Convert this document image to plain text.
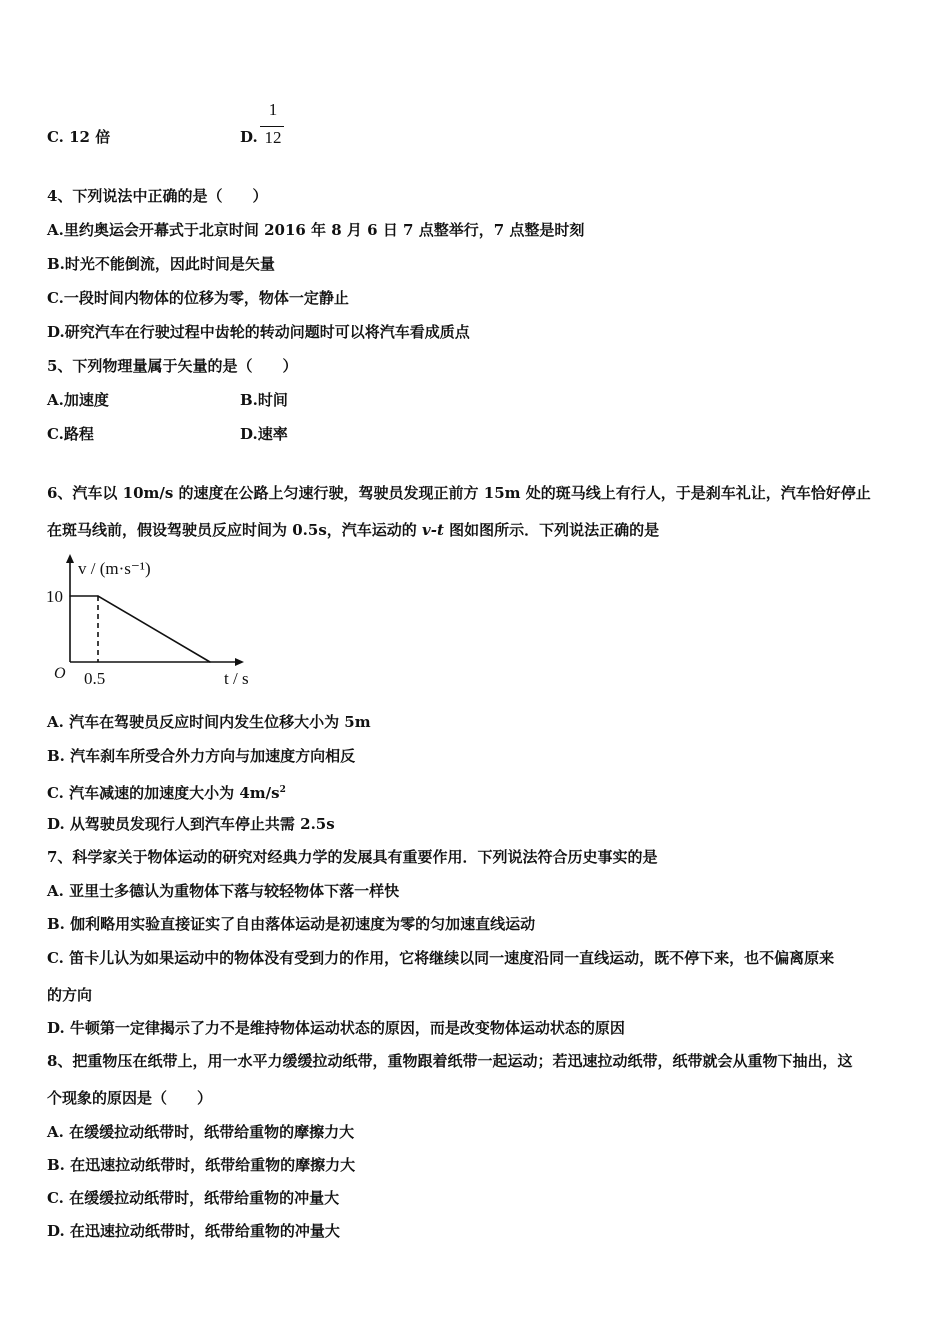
C. 12 倍	D.
1
12
4、下列说法中正确的是（　　）
A.里约奥运会开幕式于北京时间 2016 年 8 月 6 日 7 点整举行，7 点整是时刻
B.时光不能倒流，因此时间是矢量
C.一段时间内物体的位移为零，物体一定静止
D.研究汽车在行驶过程中齿轮的转动问题时可以将汽车看成质点
5、下列物理量属于矢量的是（　　）
A.加速度	B.时间
C.路程	D.速率
6、汽车以 10m/s 的速度在公路上匀速行驶，驾驶员发现正前方 15m 处的斑马线上有行人，于是刹车礼让，汽车恰好停止
在斑马线前，假设驾驶员反应时间为 0.5s，汽车运动的 v-t 图如图所示．下列说法正确的是
10
0.5
O
v / (m·s⁻¹)
t / s
A. 汽车在驾驶员反应时间内发生位移大小为 5m
B. 汽车刹车所受合外力方向与加速度方向相反
C. 汽车减速的加速度大小为 $4m/s^2$
D. 从驾驶员发现行人到汽车停止共需 2.5s
7、科学家关于物体运动的研究对经典力学的发展具有重要作用．下列说法符合历史事实的是
A. 亚里士多德认为重物体下落与较轻物体下落一样快
B. 伽利略用实验直接证实了自由落体运动是初速度为零的匀加速直线运动
C. 笛卡儿认为如果运动中的物体没有受到力的作用，它将继续以同一速度沿同一直线运动，既不停下来，也不偏离原来
的方向
D. 牛顿第一定律揭示了力不是维持物体运动状态的原因，而是改变物体运动状态的原因
8、把重物压在纸带上，用一水平力缓缓拉动纸带，重物跟着纸带一起运动；若迅速拉动纸带，纸带就会从重物下抽出，这
个现象的原因是（　　）
A. 在缓缓拉动纸带时，纸带给重物的摩擦力大
B. 在迅速拉动纸带时，纸带给重物的摩擦力大
C. 在缓缓拉动纸带时，纸带给重物的冲量大
D. 在迅速拉动纸带时，纸带给重物的冲量大
